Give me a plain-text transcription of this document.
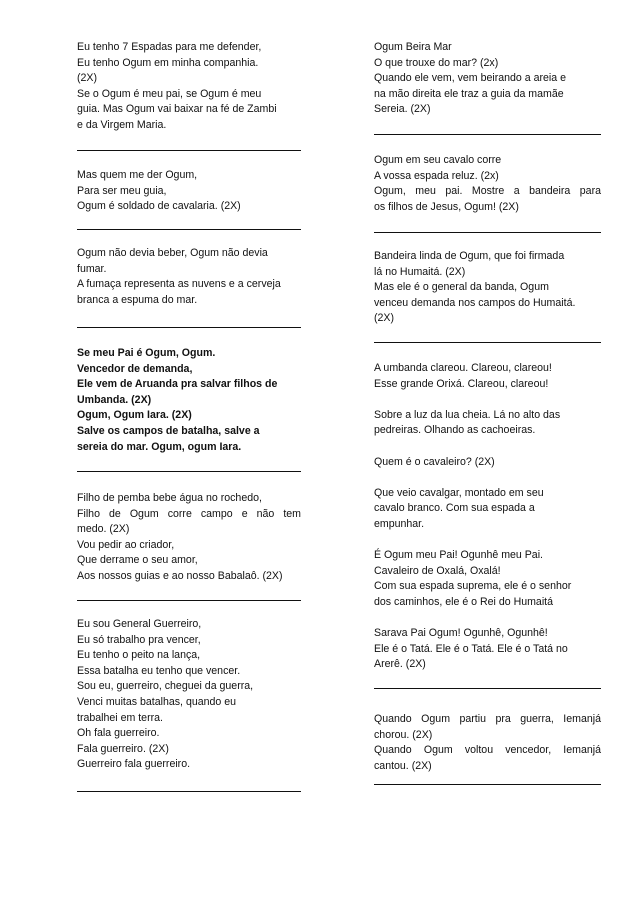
Eu tenho 7 Espadas para me defender,
Eu tenho Ogum em minha companhia.
(2X)
Se o Ogum é meu pai, se Ogum é meu
guia. Mas Ogum vai baixar na fé de Zambi
e da Virgem Maria.
Mas quem me der Ogum,
Para ser meu guia,
Ogum é soldado de cavalaria. (2X)
Ogum não devia beber, Ogum não devia
fumar.
A fumaça representa as nuvens e a cerveja
branca a espuma do mar.
Se meu Pai é Ogum, Ogum.
Vencedor de demanda,
Ele vem de Aruanda pra salvar filhos de
Umbanda. (2X)
Ogum, Ogum Iara. (2X)
Salve os campos de batalha, salve a
sereia do mar. Ogum, ogum Iara.
Filho de pemba bebe água no rochedo,
Filho de Ogum corre campo e não tem
medo. (2X)
Vou pedir ao criador,
Que derrame o seu amor,
Aos nossos guias e ao nosso Babalaô. (2X)
Eu sou General Guerreiro,
Eu só trabalho pra vencer,
Eu tenho o peito na lança,
Essa batalha eu tenho que vencer.
Sou eu, guerreiro, cheguei da guerra,
Venci muitas batalhas, quando eu
trabalhei em terra.
Oh fala guerreiro.
Fala guerreiro. (2X)
Guerreiro fala guerreiro.
Ogum Beira Mar
O que trouxe do mar? (2x)
Quando ele vem, vem beirando a areia e
na mão direita ele traz a guia da mamãe
Sereia. (2X)
Ogum em seu cavalo corre
A vossa espada reluz. (2x)
Ogum, meu pai. Mostre a bandeira para
os filhos de Jesus, Ogum! (2X)
Bandeira linda de Ogum, que foi firmada
lá no Humaitá. (2X)
Mas ele é o general da banda, Ogum
venceu demanda nos campos do Humaitá.
(2X)
A umbanda clareou. Clareou, clareou!
Esse grande Orixá. Clareou, clareou!

Sobre a luz da lua cheia. Lá no alto das
pedreiras. Olhando as cachoeiras.

Quem é o cavaleiro? (2X)

Que veio cavalgar, montado em seu
cavalo branco. Com sua espada a
empunhar.

É Ogum meu Pai! Ogunhê meu Pai.
Cavaleiro de Oxalá, Oxalá!
Com sua espada suprema, ele é o senhor
dos caminhos, ele é o Rei do Humaitá

Sarava Pai Ogum! Ogunhê, Ogunhê!
Ele é o Tatá. Ele é o Tatá. Ele é o Tatá no
Arerê. (2X)
Quando Ogum partiu pra guerra, Iemanjá
chorou. (2X)
Quando Ogum voltou vencedor, Iemanjá
cantou. (2X)
